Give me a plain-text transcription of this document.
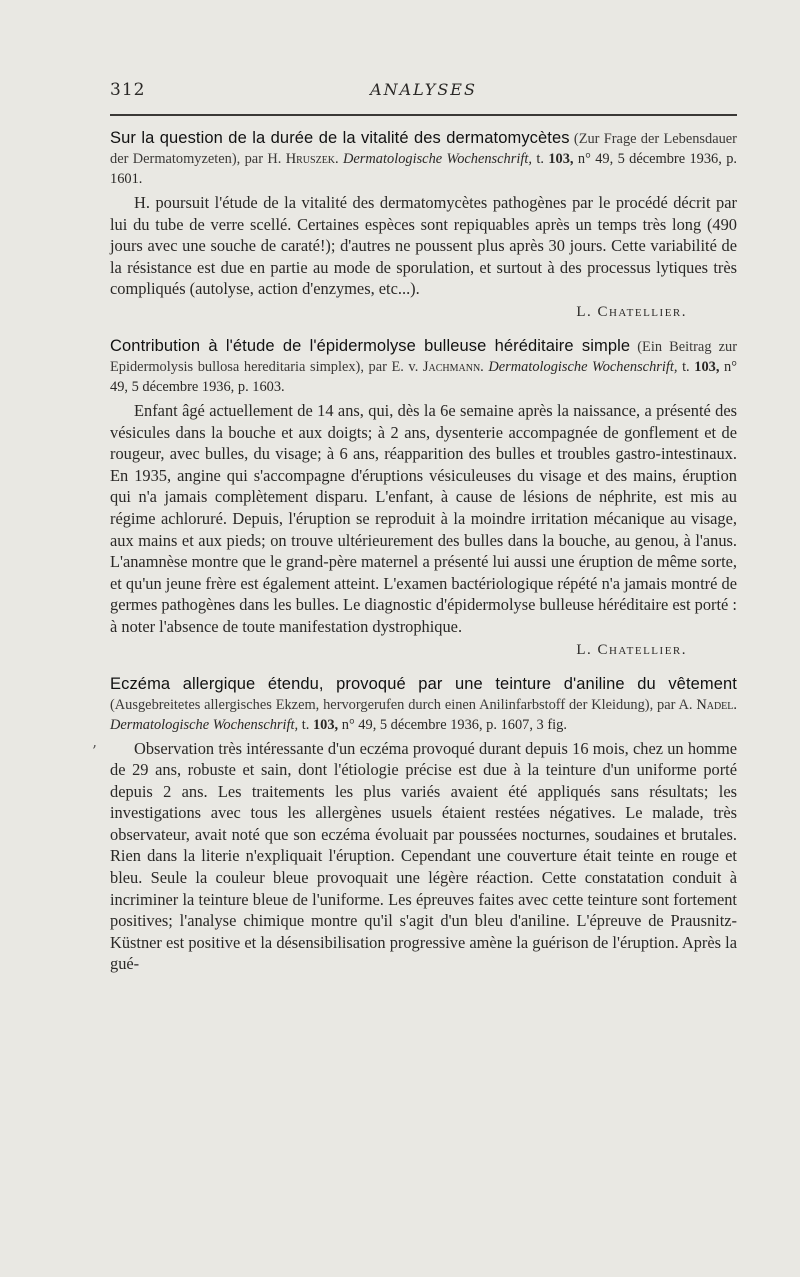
312	ANALYSES
’

Sur la question de la durée de la vitalité des dermatomycètes (Zur Frage der Lebensdauer der Dermatomyzeten), par H. Hruszek. Dermatologische Wochenschrift, t. 103, n° 49, 5 décembre 1936, p. 1601.

H. poursuit l'étude de la vitalité des dermatomycètes pathogènes par le procédé décrit par lui du tube de verre scellé. Certaines espèces sont repiquables après un temps très long (490 jours avec une souche de caraté!); d'autres ne poussent plus après 30 jours. Cette variabilité de la résistance est due en partie au mode de sporulation, et surtout à des processus lytiques très compliqués (autolyse, action d'enzymes, etc...).

L. Chatellier.

Contribution à l'étude de l'épidermolyse bulleuse héréditaire simple (Ein Beitrag zur Epidermolysis bullosa hereditaria simplex), par E. v. Jachmann. Dermatologische Wochenschrift, t. 103, n° 49, 5 décembre 1936, p. 1603.

Enfant âgé actuellement de 14 ans, qui, dès la 6e semaine après la naissance, a présenté des vésicules dans la bouche et aux doigts; à 2 ans, dysenterie accompagnée de gonflement et de rougeur, avec bulles, du visage; à 6 ans, réapparition des bulles et troubles gastro-intestinaux. En 1935, angine qui s'accompagne d'éruptions vésiculeuses du visage et des mains, éruption qui n'a jamais complètement disparu. L'enfant, à cause de lésions de néphrite, est mis au régime achloruré. Depuis, l'éruption se reproduit à la moindre irritation mécanique au visage, aux mains et aux pieds; on trouve ultérieurement des bulles dans la bouche, au genou, à l'anus. L'anamnèse montre que le grand-père maternel a présenté lui aussi une éruption de même sorte, et qu'un jeune frère est également atteint. L'examen bactériologique répété n'a jamais montré de germes pathogènes dans les bulles. Le diagnostic d'épidermolyse bulleuse héréditaire est porté : à noter l'absence de toute manifestation dystrophique.

L. Chatellier.

Eczéma allergique étendu, provoqué par une teinture d'aniline du vêtement (Ausgebreitetes allergisches Ekzem, hervorgerufen durch einen Anilinfarbstoff der Kleidung), par A. Nadel. Dermatologische Wochenschrift, t. 103, n° 49, 5 décembre 1936, p. 1607, 3 fig.

Observation très intéressante d'un eczéma provoqué durant depuis 16 mois, chez un homme de 29 ans, robuste et sain, dont l'étiologie précise est due à la teinture d'un uniforme porté depuis 2 ans. Les traitements les plus variés avaient été appliqués sans résultats; les investigations avec tous les allergènes usuels étaient restées négatives. Le malade, très observateur, avait noté que son eczéma évoluait par poussées nocturnes, soudaines et brutales. Rien dans la literie n'expliquait l'éruption. Cependant une couverture était teinte en rouge et bleu. Seule la couleur bleue provoquait une légère réaction. Cette constatation conduit à incriminer la teinture bleue de l'uniforme. Les épreuves faites avec cette teinture sont fortement positives; l'analyse chimique montre qu'il s'agit d'un bleu d'aniline. L'épreuve de Prausnitz-Küstner est positive et la désensibilisation progressive amène la guérison de l'éruption. Après la gué-
